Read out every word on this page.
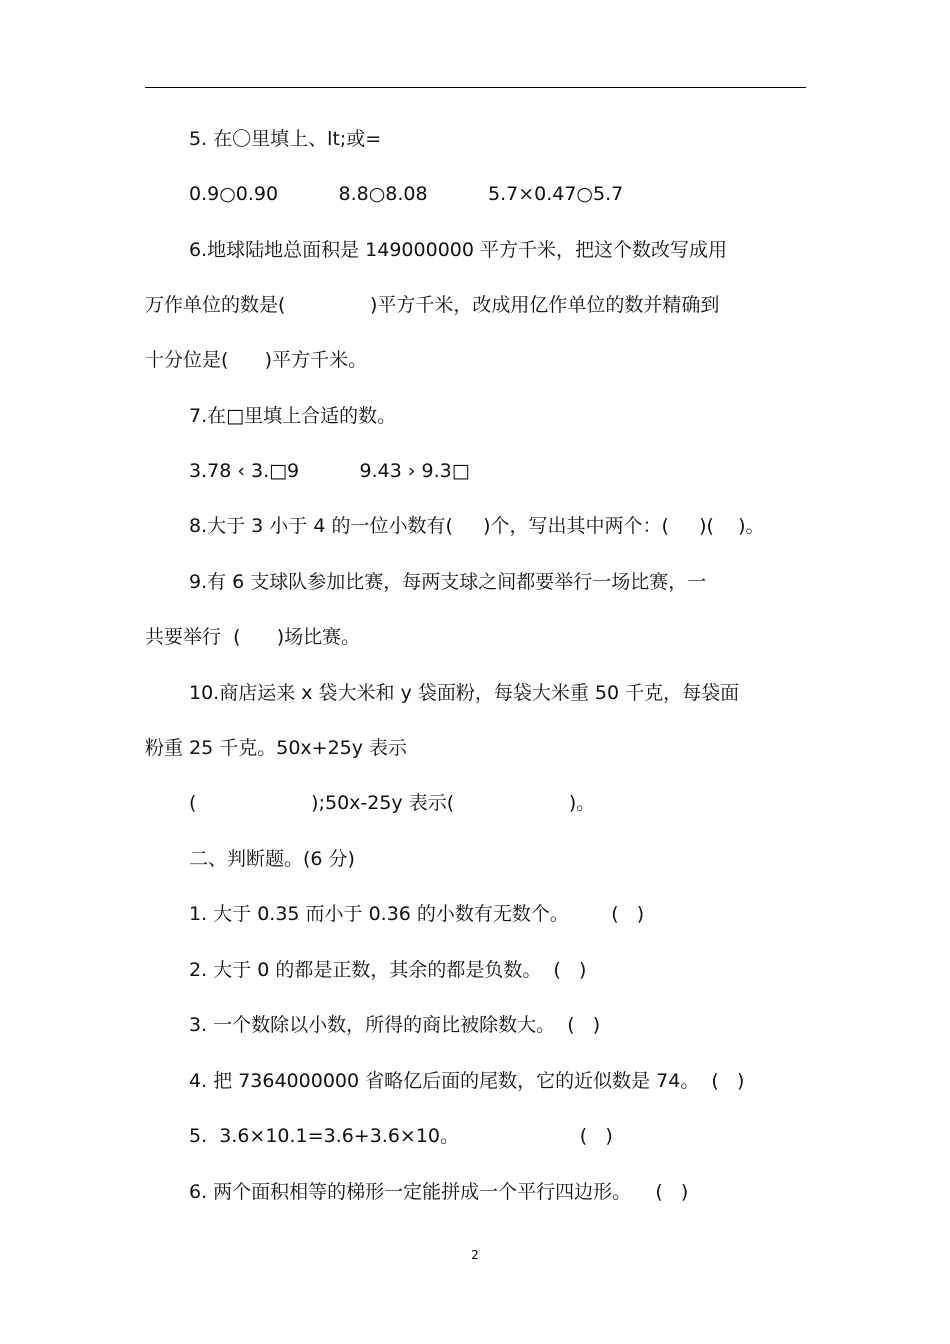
5. 在〇里填上、lt;或=
0.9○0.90          8.8○8.08          5.7×0.47○5.7
6.地球陆地总面积是 149000000 平方千米，把这个数改写成用
万作单位的数是(              )平方千米，改成用亿作单位的数并精确到
十分位是(      )平方千米。
7.在□里填上合适的数。
3.78 ‹ 3.□9          9.43 › 9.3□
8.大于 3 小于 4 的一位小数有(     )个，写出其中两个：(     )(    )。
9.有 6 支球队参加比赛，每两支球之间都要举行一场比赛，一
共要举行  (      )场比赛。
10.商店运来 x 袋大米和 y 袋面粉，每袋大米重 50 千克，每袋面
粉重 25 千克。50x+25y 表示
(                   );50x-25y 表示(                   )。
二、判断题。(6 分)
1. 大于 0.35 而小于 0.36 的小数有无数个。       (   )
2. 大于 0 的都是正数，其余的都是负数。  (   )
3. 一个数除以小数，所得的商比被除数大。  (   )
4. 把 7364000000 省略亿后面的尾数，它的近似数是 74。  (   )
5.  3.6×10.1=3.6+3.6×10。                    (   )
6. 两个面积相等的梯形一定能拼成一个平行四边形。    (   )
2
